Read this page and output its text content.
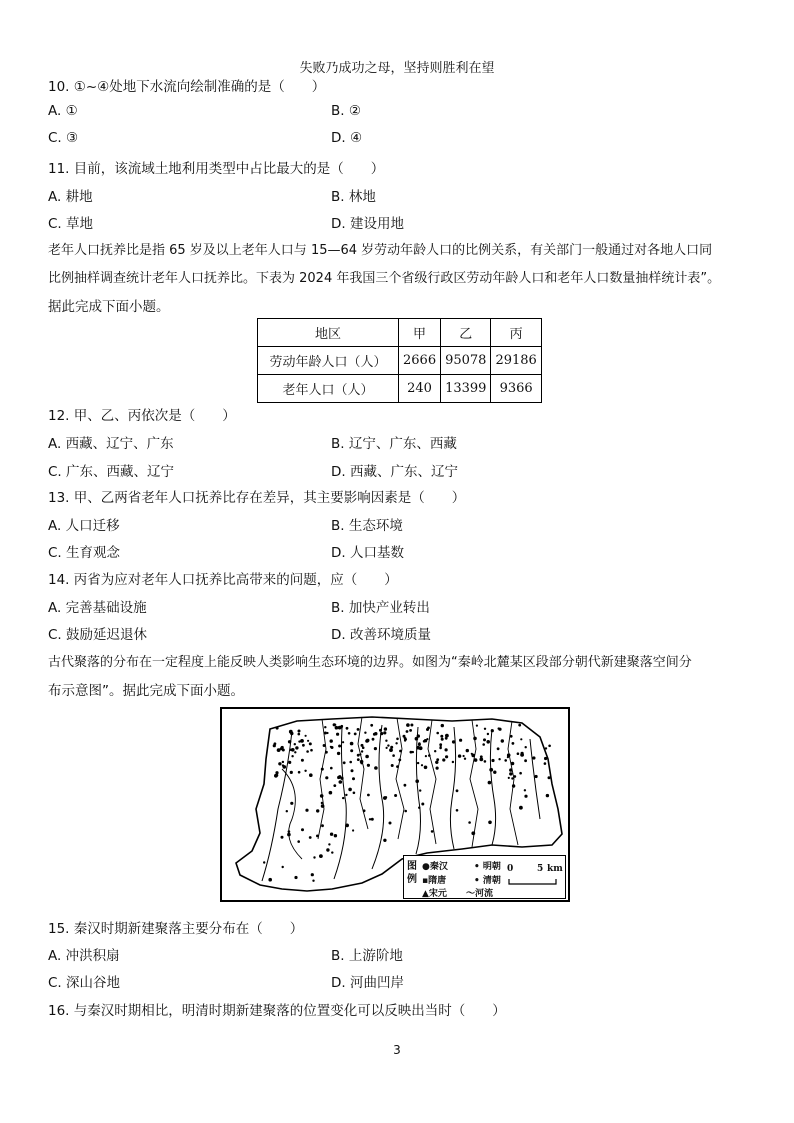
失败乃成功之母，坚持则胜利在望
10. ①~④处地下水流向绘制准确的是（　　）
A. ①	B. ②
C. ③	D. ④
11. 目前，该流域土地利用类型中占比最大的是（　　）
A. 耕地	B. 林地
C. 草地	D. 建设用地
老年人口抚养比是指 65 岁及以上老年人口与 15—64 岁劳动年龄人口的比例关系，有关部门一般通过对各地人口同
比例抽样调查统计老年人口抚养比。下表为 2024 年我国三个省级行政区劳动年龄人口和老年人口数量抽样统计表”。
据此完成下面小题。
地区	甲	乙	丙
劳动年龄人口（人）	2666	95078	29186
老年人口（人）	240	13399	9366
12. 甲、乙、丙依次是（　　）
A. 西藏、辽宁、广东	B. 辽宁、广东、西藏
C. 广东、西藏、辽宁	D. 西藏、广东、辽宁
13. 甲、乙两省老年人口抚养比存在差异，其主要影响因素是（　　）
A. 人口迁移	B. 生态环境
C. 生育观念	D. 人口基数
14. 丙省为应对老年人口抚养比高带来的问题，应（　　）
A. 完善基础设施	B. 加快产业转出
C. 鼓励延迟退休	D. 改善环境质量
古代聚落的分布在一定程度上能反映人类影响生态环境的边界。如图为“秦岭北麓某区段部分朝代新建聚落空间分
布示意图”。据此完成下面小题。
图例
●秦汉	• 明朝
▪隋唐	• 清朝
▲宋元 〜河流
0	5 km
15. 秦汉时期新建聚落主要分布在（　　）
A. 冲洪积扇	B. 上游阶地
C. 深山谷地	D. 河曲凹岸
16. 与秦汉时期相比，明清时期新建聚落的位置变化可以反映出当时（　　）
3
